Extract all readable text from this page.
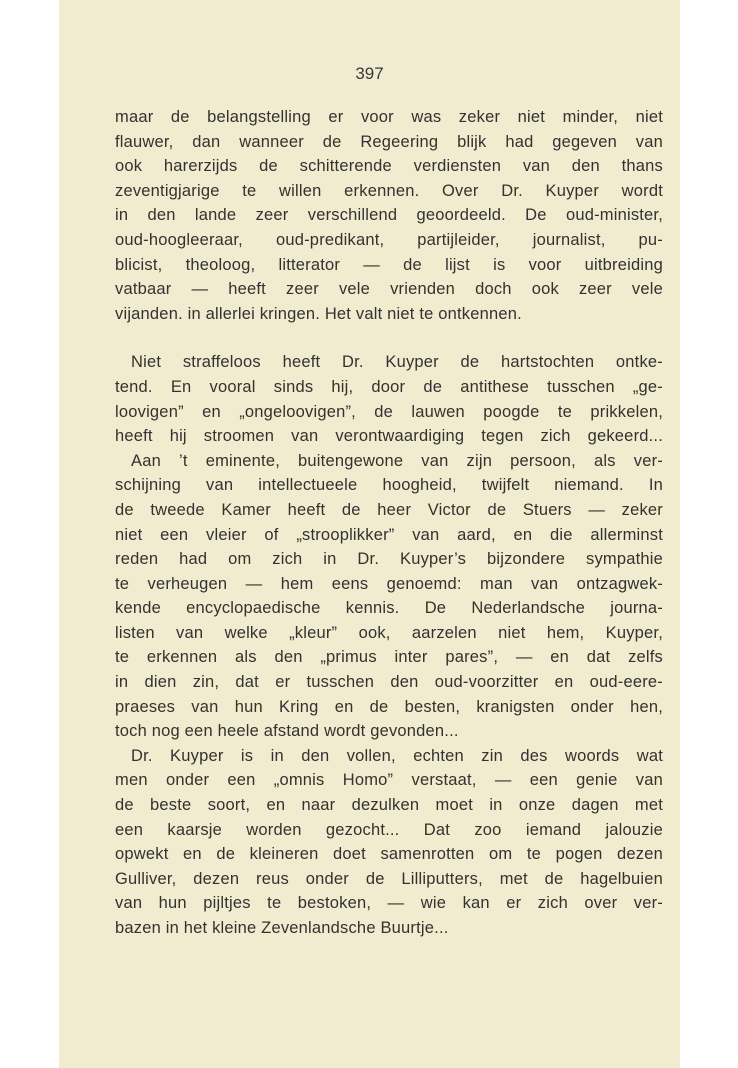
397
maar de belangstelling er voor was zeker niet minder, niet
flauwer, dan wanneer de Regeering blijk had gegeven van
ook harerzijds de schitterende verdiensten van den thans
zeventigjarige te willen erkennen. Over Dr. Kuyper wordt
in den lande zeer verschillend geoordeeld. De oud-minister,
oud-hoogleeraar, oud-predikant, partijleider, journalist, pu-
blicist, theoloog, litterator — de lijst is voor uitbreiding
vatbaar — heeft zeer vele vrienden doch ook zeer vele
vijanden. in allerlei kringen. Het valt niet te ontkennen.
Niet straffeloos heeft Dr. Kuyper de hartstochten ontke-
tend. En vooral sinds hij, door de antithese tusschen „ge-
loovigen” en „ongeloovigen”, de lauwen poogde te prikkelen,
heeft hij stroomen van verontwaardiging tegen zich gekeerd...
Aan ’t eminente, buitengewone van zijn persoon, als ver-
schijning van intellectueele hoogheid, twijfelt niemand. In
de tweede Kamer heeft de heer Victor de Stuers — zeker
niet een vleier of „strooplikker” van aard, en die allerminst
reden had om zich in Dr. Kuyper’s bijzondere sympathie
te verheugen — hem eens genoemd: man van ontzagwek-
kende encyclopaedische kennis. De Nederlandsche journa-
listen van welke „kleur” ook, aarzelen niet hem, Kuyper,
te erkennen als den „primus inter pares”, — en dat zelfs
in dien zin, dat er tusschen den oud-voorzitter en oud-eere-
praeses van hun Kring en de besten, kranigsten onder hen,
toch nog een heele afstand wordt gevonden...
Dr. Kuyper is in den vollen, echten zin des woords wat
men onder een „omnis Homo” verstaat, — een genie van
de beste soort, en naar dezulken moet in onze dagen met
een kaarsje worden gezocht... Dat zoo iemand jalouzie
opwekt en de kleineren doet samenrotten om te pogen dezen
Gulliver, dezen reus onder de Lilliputters, met de hagelbuien
van hun pijltjes te bestoken, — wie kan er zich over ver-
bazen in het kleine Zevenlandsche Buurtje...
